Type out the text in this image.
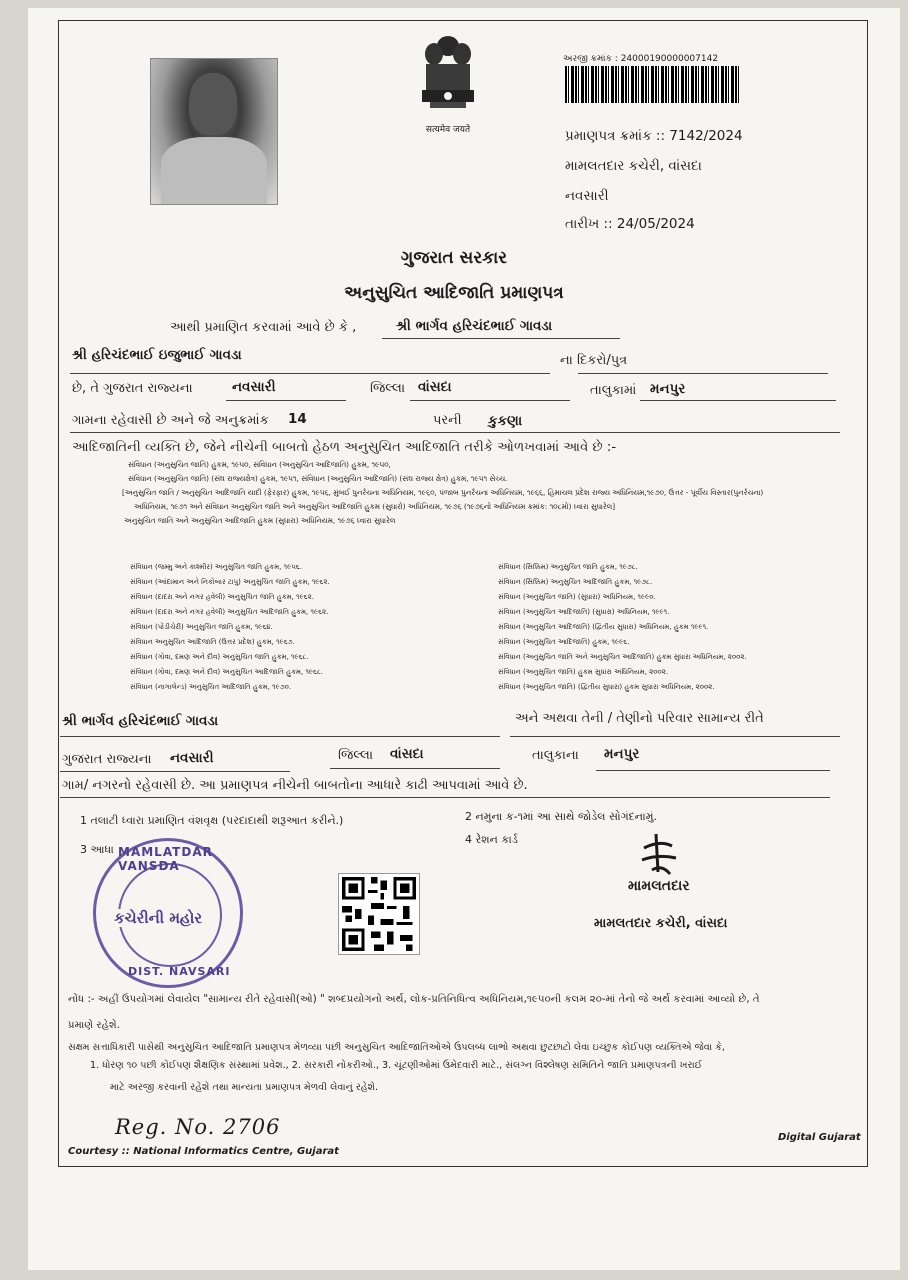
सत्यमेव जयते
અરજી ક્રમાંક : 24000190000007142
પ્રમાણપત્ર ક્રમાંક :: 7142/2024
મામલતદાર કચેરી, વાંસદા
નવસારી
તારીખ :: 24/05/2024
ગુજરાત સરકાર
અનુસુચિત આદિજાતિ પ્રમાણપત્ર
આથી પ્રમાણિત કરવામાં આવે છે કે ,	શ્રી ભાર્ગવ હરિચંદભાઈ ગાવડા
શ્રી હરિચંદભાઈ ઇજુભાઈ ગાવડા	ના દિકરો/પુત્ર
છે, તે ગુજરાત રાજ્યના	નવસારી	જિલ્લા વાંસદા	તાલુકામાં મનપુર
ગામના રહેવાસી છે અને જે અનુક્રમાંક 14	પરની કુકણા
આદિજાતિની વ્યક્તિ છે, જેને નીચેની બાબતો હેઠળ અનુસુચિત આદિજાતિ તરીકે ઓળખવામાં આવે છે :-
સંવિધાન (અનુસુચિત જાતિ) હુકમ, ૧૯૫૦, સંવિધાન (અનુસુચિત આદિજાતિ) હુકમ, ૧૯૫૦,
સંવિધાન (અનુસુચિત જાતિ) (સંઘ રાજ્યક્ષેત્ર) હુકમ, ૧૯૫૧, સંવિધાન (અનુસુચિત આદિજાતિ) (સંઘ રાજ્ય ક્ષેત્ર) હુકમ, ૧૯૫૧ સેચ્ચ.
[અનુસુચિત જાતિ / અનુસુચિત આદિજાતિ યાદી (ફેરફાર) હુકમ, ૧૯૫૬, મુંબઈ પુનર્રચના અધિનિયમ, ૧૯૬૦, પંજાબ પુનર્રચના અધિનિયમ, ૧૯૬૬, હિમાચલ પ્રદેશ રાજ્ય અધિનિયમ,૧૯૭૦, ઉત્તર - પૂર્વીય વિસ્તાર(પુનર્રચના)
અધિનિયમ, ૧૯૭૧ અને સંવિધાન અનુસુચિત જાતિ અને અનુસુચિત આદિજાતિ હુકમ (સુધારો) અધિનિયમ, ૧૯૭૬ (૧૯૭૬નો અધિનિયમ ક્રમાંક: ૧૦૮મો) ધ્વારા સુધારેલ]
અનુસુચિત જાતિ અને અનુસુચિત આદિજાતિ હુકમ (સુધારા) અધિનિયમ, ૧૯૭૬ ધ્વારા સુધારેલ
સંવિધાન (જમ્મુ અને કાશ્મીર) અનુસુચિત જાતિ હુકમ, ૧૯૫૬.
સંવિધાન (આંદામાન અને નિકોબાર ટાપુ) અનુસુચિત જાતિ હુકમ, ૧૯૬૨.
સંવિધાન (દાદરા અને નગર હવેલી) અનુસુચિત જાતિ હુકમ, ૧૯૬૨.
સંવિધાન (દાદરા અને નગર હવેલી) અનુસુચિત આદિજાતિ હુકમ, ૧૯૬૨.
સંવિધાન (પોંડીચેરી) અનુસુચિત જાતિ હુકમ, ૧૯૬૪.
સંવિધાન અનુસુચિત આદિજાતિ (ઉત્તર પ્રદેશ) હુકમ, ૧૯૬૭.
સંવિધાન (ગોવા, દમણ અને દીવ) અનુસુચિત જાતિ હુકમ, ૧૯૬૮.
સંવિધાન (ગોવા, દમણ અને દીવ) અનુસુચિત આદિજાતિ હુકમ, ૧૯૬૮.
સંવિધાન (નાગાલેન્ડ) અનુસુચિત આદિજાતિ હુકમ, ૧૯૭૦.
સંવિધાન (સિક્કિમ) અનુસુચિત જાતિ હુકમ, ૧૯૭૮.
સંવિધાન (સિક્કિમ) અનુસુચિત આદિજાતિ હુકમ, ૧૯૭૮.
સંવિધાન (અનુસુચિત જાતિ) (સુધારા) અધિનિયમ, ૧૯૯૦.
સંવિધાન (અનુસુચિત આદિજાતિ) (સુધારા) અધિનિયમ, ૧૯૯૧.
સંવિધાન (અનુસુચિત આદિજાતિ) (દ્વિતીય સુધારા) અધિનિયમ, હુકમ ૧૯૯૧.
સંવિધાન (અનુસુચિત આદિજાતિ) હુકમ, ૧૯૯૬.
સંવિધાન (અનુસુચિત જાતિ અને અનુસુચિત આદિજાતિ) હુકમ સુધારા અધિનિયમ, ૨૦૦૨.
સંવિધાન (અનુસુચિત જાતિ) હુકમ સુધારા અધિનિયમ, ૨૦૦૨.
સંવિધાન (અનુસુચિત જાતિ) (દ્વિતીય સુધારા) હુકમ સુધારા અધિનિયમ, ૨૦૦૨.
શ્રી ભાર્ગવ હરિચંદભાઈ ગાવડા	અને અથવા તેની / તેણીનો પરિવાર સામાન્ય રીતે
ગુજરાત રાજ્યના નવસારી	જિલ્લા વાંસદા	તાલુકાના મનપુર
ગામ/ નગરનો રહેવાસી છે. આ પ્રમાણપત્ર નીચેની બાબતોના આધારે કાઢી આપવામાં આવે છે.
1 તલાટી ધ્વારા પ્રમાણિત વંશવૃક્ષ (પરદાદાથી શરૂઆત કરીને.)	2 નમુના ક-૧માં આ સાથે જોડેલ સોગંદનામું.
3 આધા
4 રેશન કાર્ડ
MAMLATDAR VANSDA
કચેરીની મહોર
DIST. NAVSARI
મામલતદાર
મામલતદાર કચેરી, વાંસદા
નોંધ :- અહીં ઉપયોગમાં લેવાયેલ "સામાન્ય રીતે રહેવાસી(ઓ) " શબ્દપ્રયોગનો અર્થ, લોક-પ્રતિનિધિત્વ અધિનિયમ,૧૯૫૦ની કલમ ૨૦-માં તેનો જે અર્થ કરવામાં આવ્યો છે, તે
પ્રમાણે રહેશે.
સક્ષમ સત્તાધિકારી પાસેથી અનુસુચિત આદિજાતિ પ્રમાણપત્ર મેળવ્યા પછી અનુસુચિત આદિજાતિઓએ ઉપલબ્ધ લાભો અથવા છુટછાટો લેવા ઇચ્છુક કોઈપણ વ્યક્તિએ જેવા કે,
1. ધોરણ ૧૦ પછી કોઈપણ શૈક્ષણિક સંસ્થામાં પ્રવેશ., 2. સરકારી નોકરીઓ., 3. ચૂંટણીઓમાં ઉમેદવારી માટે., સંલગ્ન વિશ્લેષણ સમિતિને જાતિ પ્રમાણપત્રની ખરાઈ
માટે અરજી કરવાની રહેશે તથા માન્યતા પ્રમાણપત્ર મેળવી લેવાનું રહેશે.
Reg. No. 2706
Courtesy :: National Informatics Centre, Gujarat
Digital Gujarat
